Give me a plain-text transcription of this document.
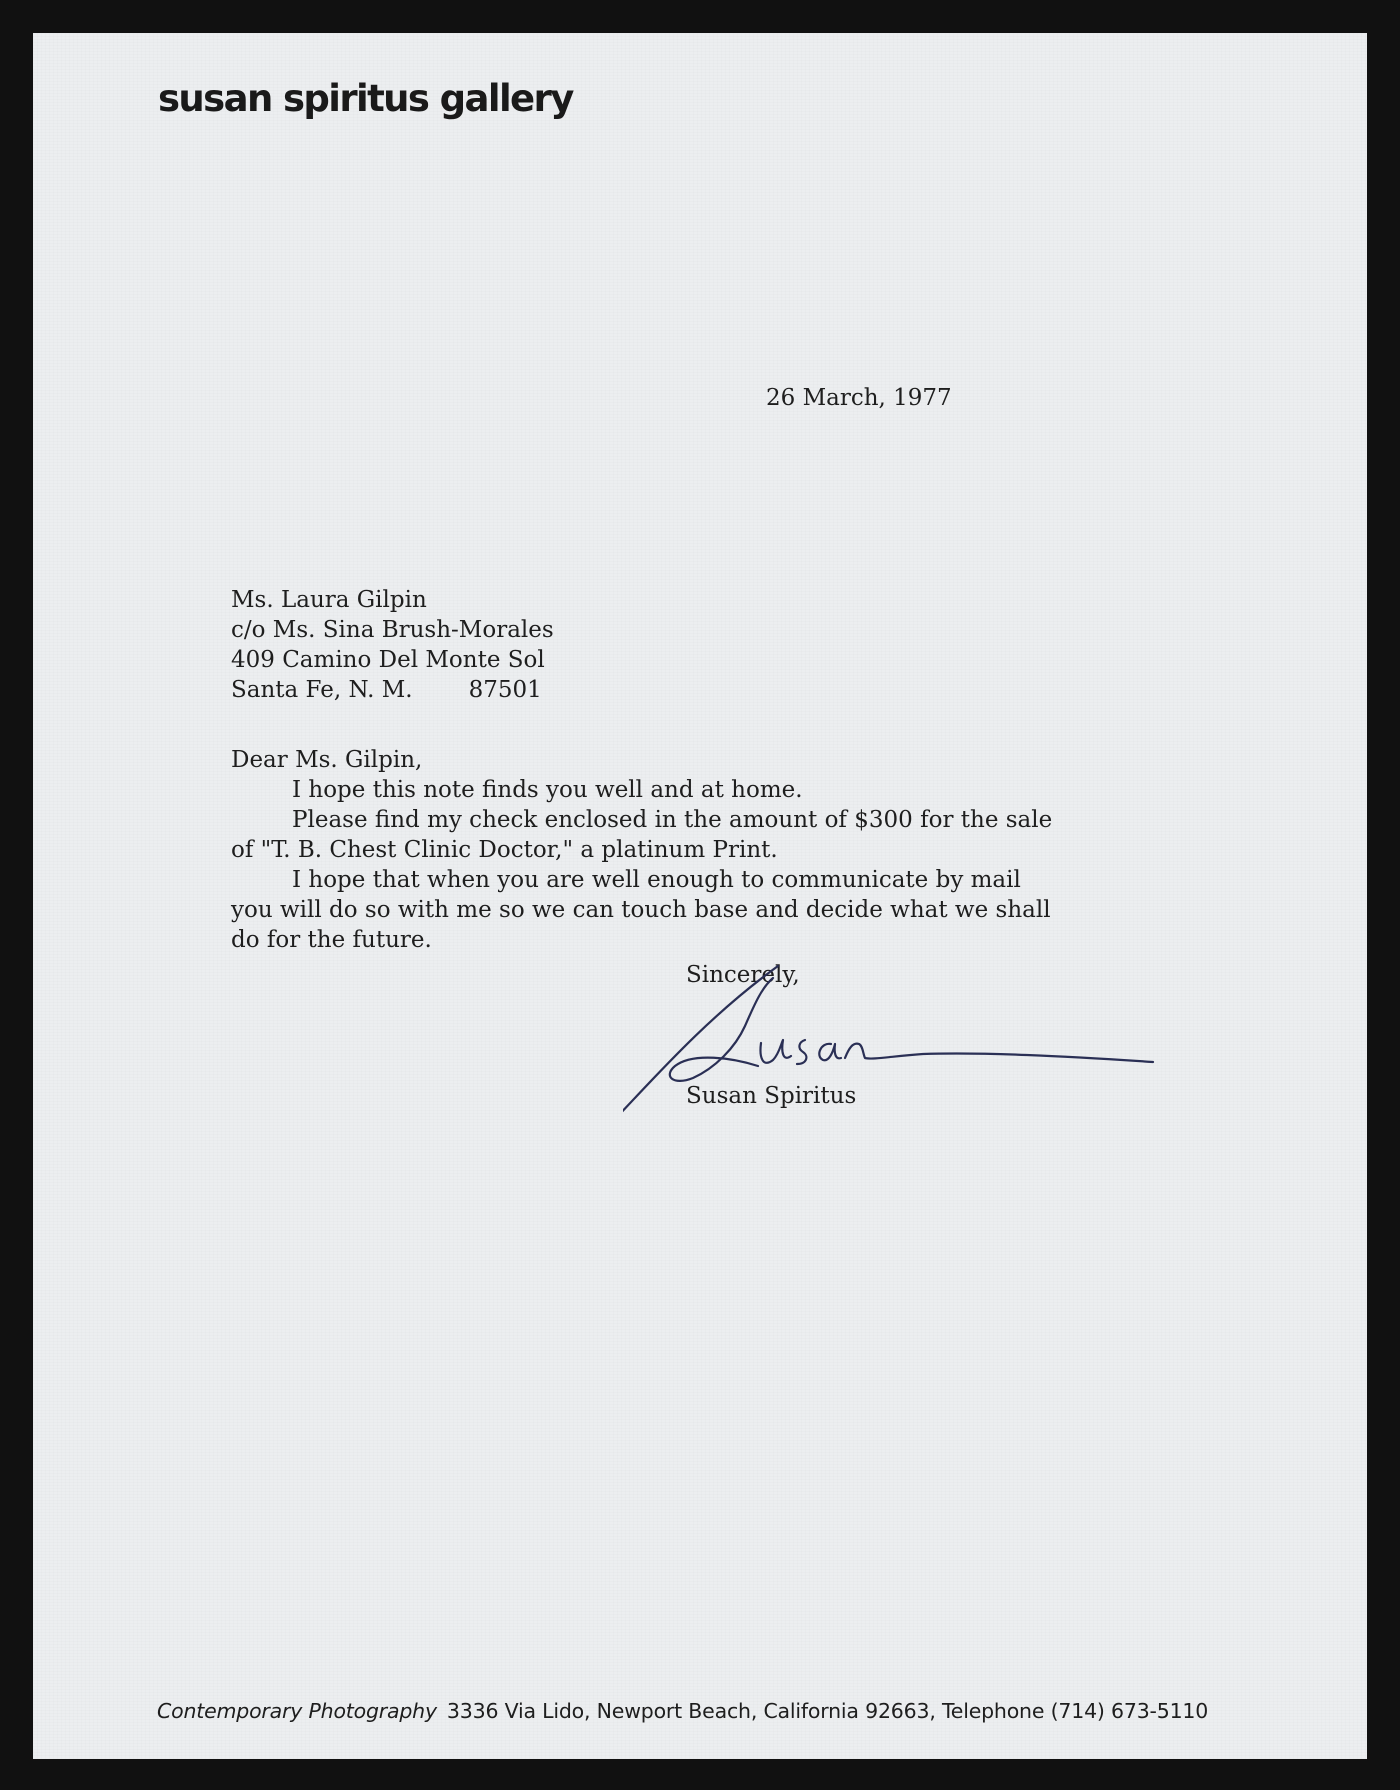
susan spiritus gallery
26 March, 1977
Ms. Laura Gilpin
c/o Ms. Sina Brush-Morales
409 Camino Del Monte Sol
Santa Fe, N. M. 87501
Dear Ms. Gilpin,
I hope this note finds you well and at home.
Please find my check enclosed in the amount of $300 for the sale
of "T. B. Chest Clinic Doctor," a platinum Print.
I hope that when you are well enough to communicate by mail
you will do so with me so we can touch base and decide what we shall
do for the future.
Sincerely,
Susan Spiritus
Contemporary Photography 3336 Via Lido, Newport Beach, California 92663, Telephone (714) 673-5110
